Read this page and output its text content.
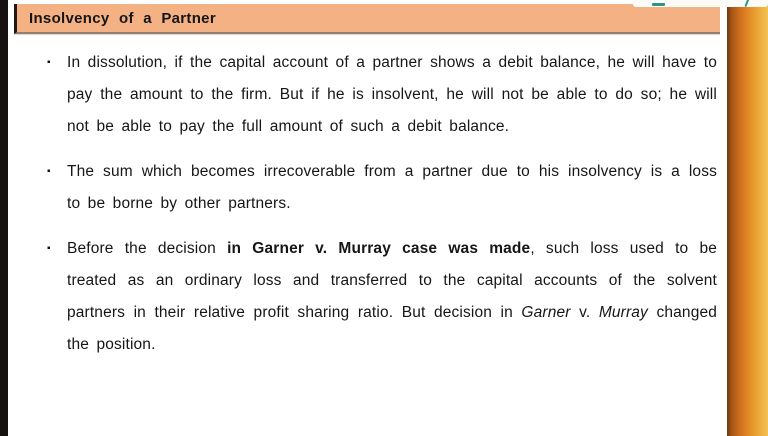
Insolvency of a Partner
▪	In dissolution, if the capital account of a partner shows a debit balance, he will have to pay the amount to the firm. But if he is insolvent, he will not be able to do so; he will not be able to pay the full amount of such a debit balance.

▪	The sum which becomes irrecoverable from a partner due to his insolvency is a loss to be borne by other partners.

▪	Before the decision in Garner v. Murray case was made, such loss used to be treated as an ordinary loss and transferred to the capital accounts of the solvent partners in their relative profit sharing ratio. But decision in Garner v. Murray changed the position.
